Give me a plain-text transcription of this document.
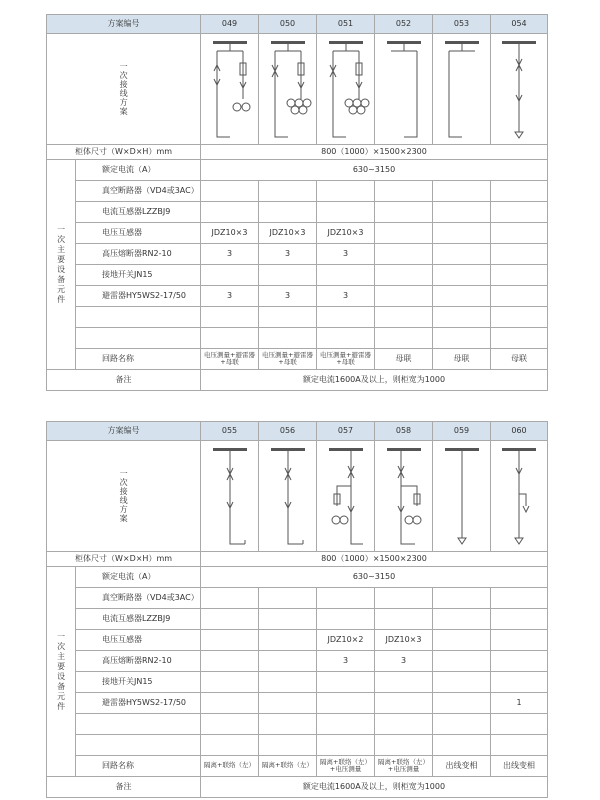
方案编号		049	050	051	052	053	054

一次接线方案

柜体尺寸（W×D×H）mm		800（1000）×1500×2300					

一次主要设备元件	额定电流（A）	630~3150					
	真空断路器（VD4或3AC）						
	电流互感器LZZBJ9						
	电压互感器	JDZ10×3	JDZ10×3	JDZ10×3			
	高压熔断器RN2-10	3	3	3			
	接地开关JN15						
	避雷器HY5WS2-17/50	3	3	3			

	回路名称	电压测量+避雷器+母联	电压测量+避雷器+母联	电压测量+避雷器+母联	母联	母联	母联
备注		额定电流1600A及以上，则柜宽为1000					
方案编号		055	056	057	058	059	060

一次接线方案

柜体尺寸（W×D×H）mm		800（1000）×1500×2300					

一次主要设备元件	额定电流（A）	630~3150					
	真空断路器（VD4或3AC）						
	电流互感器LZZBJ9						
	电压互感器			JDZ10×2	JDZ10×3		
	高压熔断器RN2-10			3	3		
	接地开关JN15						
	避雷器HY5WS2-17/50						1

	回路名称	隔离+联络（左）	隔离+联络（左）	隔离+联络（左）+电压测量	隔离+联络（左）+电压测量	出线变相	出线变相
备注		额定电流1600A及以上，则柜宽为1000					
